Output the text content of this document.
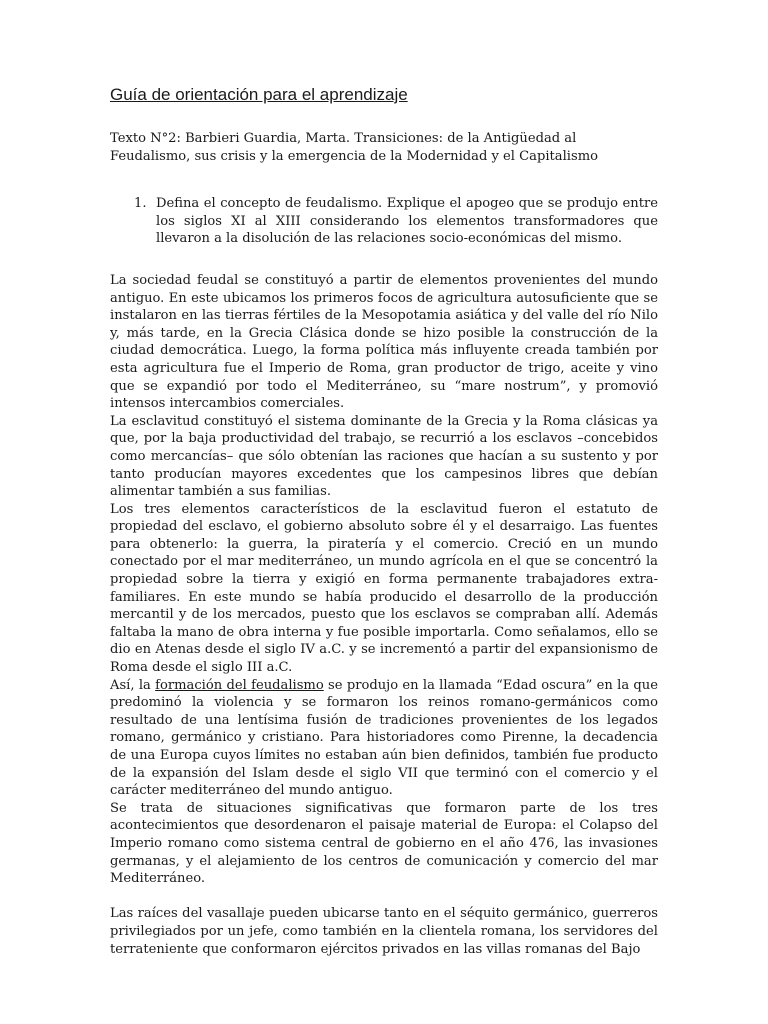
Guía de orientación para el aprendizaje
Texto N°2: Barbieri Guardia, Marta. Transiciones: de la Antigüedad al
Feudalismo, sus crisis y la emergencia de la Modernidad y el Capitalismo
1. Defina el concepto de feudalismo. Explique el apogeo que se produjo entre los siglos XI al XIII considerando los elementos transformadores que llevaron a la disolución de las relaciones socio-económicas del mismo.

La sociedad feudal se constituyó a partir de elementos provenientes del mundo antiguo. En este ubicamos los primeros focos de agricultura autosuficiente que se instalaron en las tierras fértiles de la Mesopotamia asiática y del valle del río Nilo y, más tarde, en la Grecia Clásica donde se hizo posible la construcción de la ciudad democrática. Luego, la forma política más influyente creada también por esta agricultura fue el Imperio de Roma, gran productor de trigo, aceite y vino que se expandió por todo el Mediterráneo, su “mare nostrum”, y promovió intensos intercambios comerciales.

La esclavitud constituyó el sistema dominante de la Grecia y la Roma clásicas ya que, por la baja productividad del trabajo, se recurrió a los esclavos –concebidos como mercancías– que sólo obtenían las raciones que hacían a su sustento y por tanto producían mayores excedentes que los campesinos libres que debían alimentar también a sus familias.

Los tres elementos característicos de la esclavitud fueron el estatuto de propiedad del esclavo, el gobierno absoluto sobre él y el desarraigo. Las fuentes para obtenerlo: la guerra, la piratería y el comercio. Creció en un mundo conectado por el mar mediterráneo, un mundo agrícola en el que se concentró la propiedad sobre la tierra y exigió en forma permanente trabajadores extra-familiares. En este mundo se había producido el desarrollo de la producción mercantil y de los mercados, puesto que los esclavos se compraban allí. Además faltaba la mano de obra interna y fue posible importarla. Como señalamos, ello se dio en Atenas desde el siglo IV a.C. y se incrementó a partir del expansionismo de Roma desde el siglo III a.C.

Así, la formación del feudalismo se produjo en la llamada “Edad oscura” en la que predominó la violencia y se formaron los reinos romano-germánicos como resultado de una lentísima fusión de tradiciones provenientes de los legados romano, germánico y cristiano. Para historiadores como Pirenne, la decadencia de una Europa cuyos límites no estaban aún bien definidos, también fue producto de la expansión del Islam desde el siglo VII que terminó con el comercio y el carácter mediterráneo del mundo antiguo.

Se trata de situaciones significativas que formaron parte de los tres acontecimientos que desordenaron el paisaje material de Europa: el Colapso del Imperio romano como sistema central de gobierno en el año 476, las invasiones germanas, y el alejamiento de los centros de comunicación y comercio del mar Mediterráneo.

Las raíces del vasallaje pueden ubicarse tanto en el séquito germánico, guerreros privilegiados por un jefe, como también en la clientela romana, los servidores del terrateniente que conformaron ejércitos privados en las villas romanas del Bajo
